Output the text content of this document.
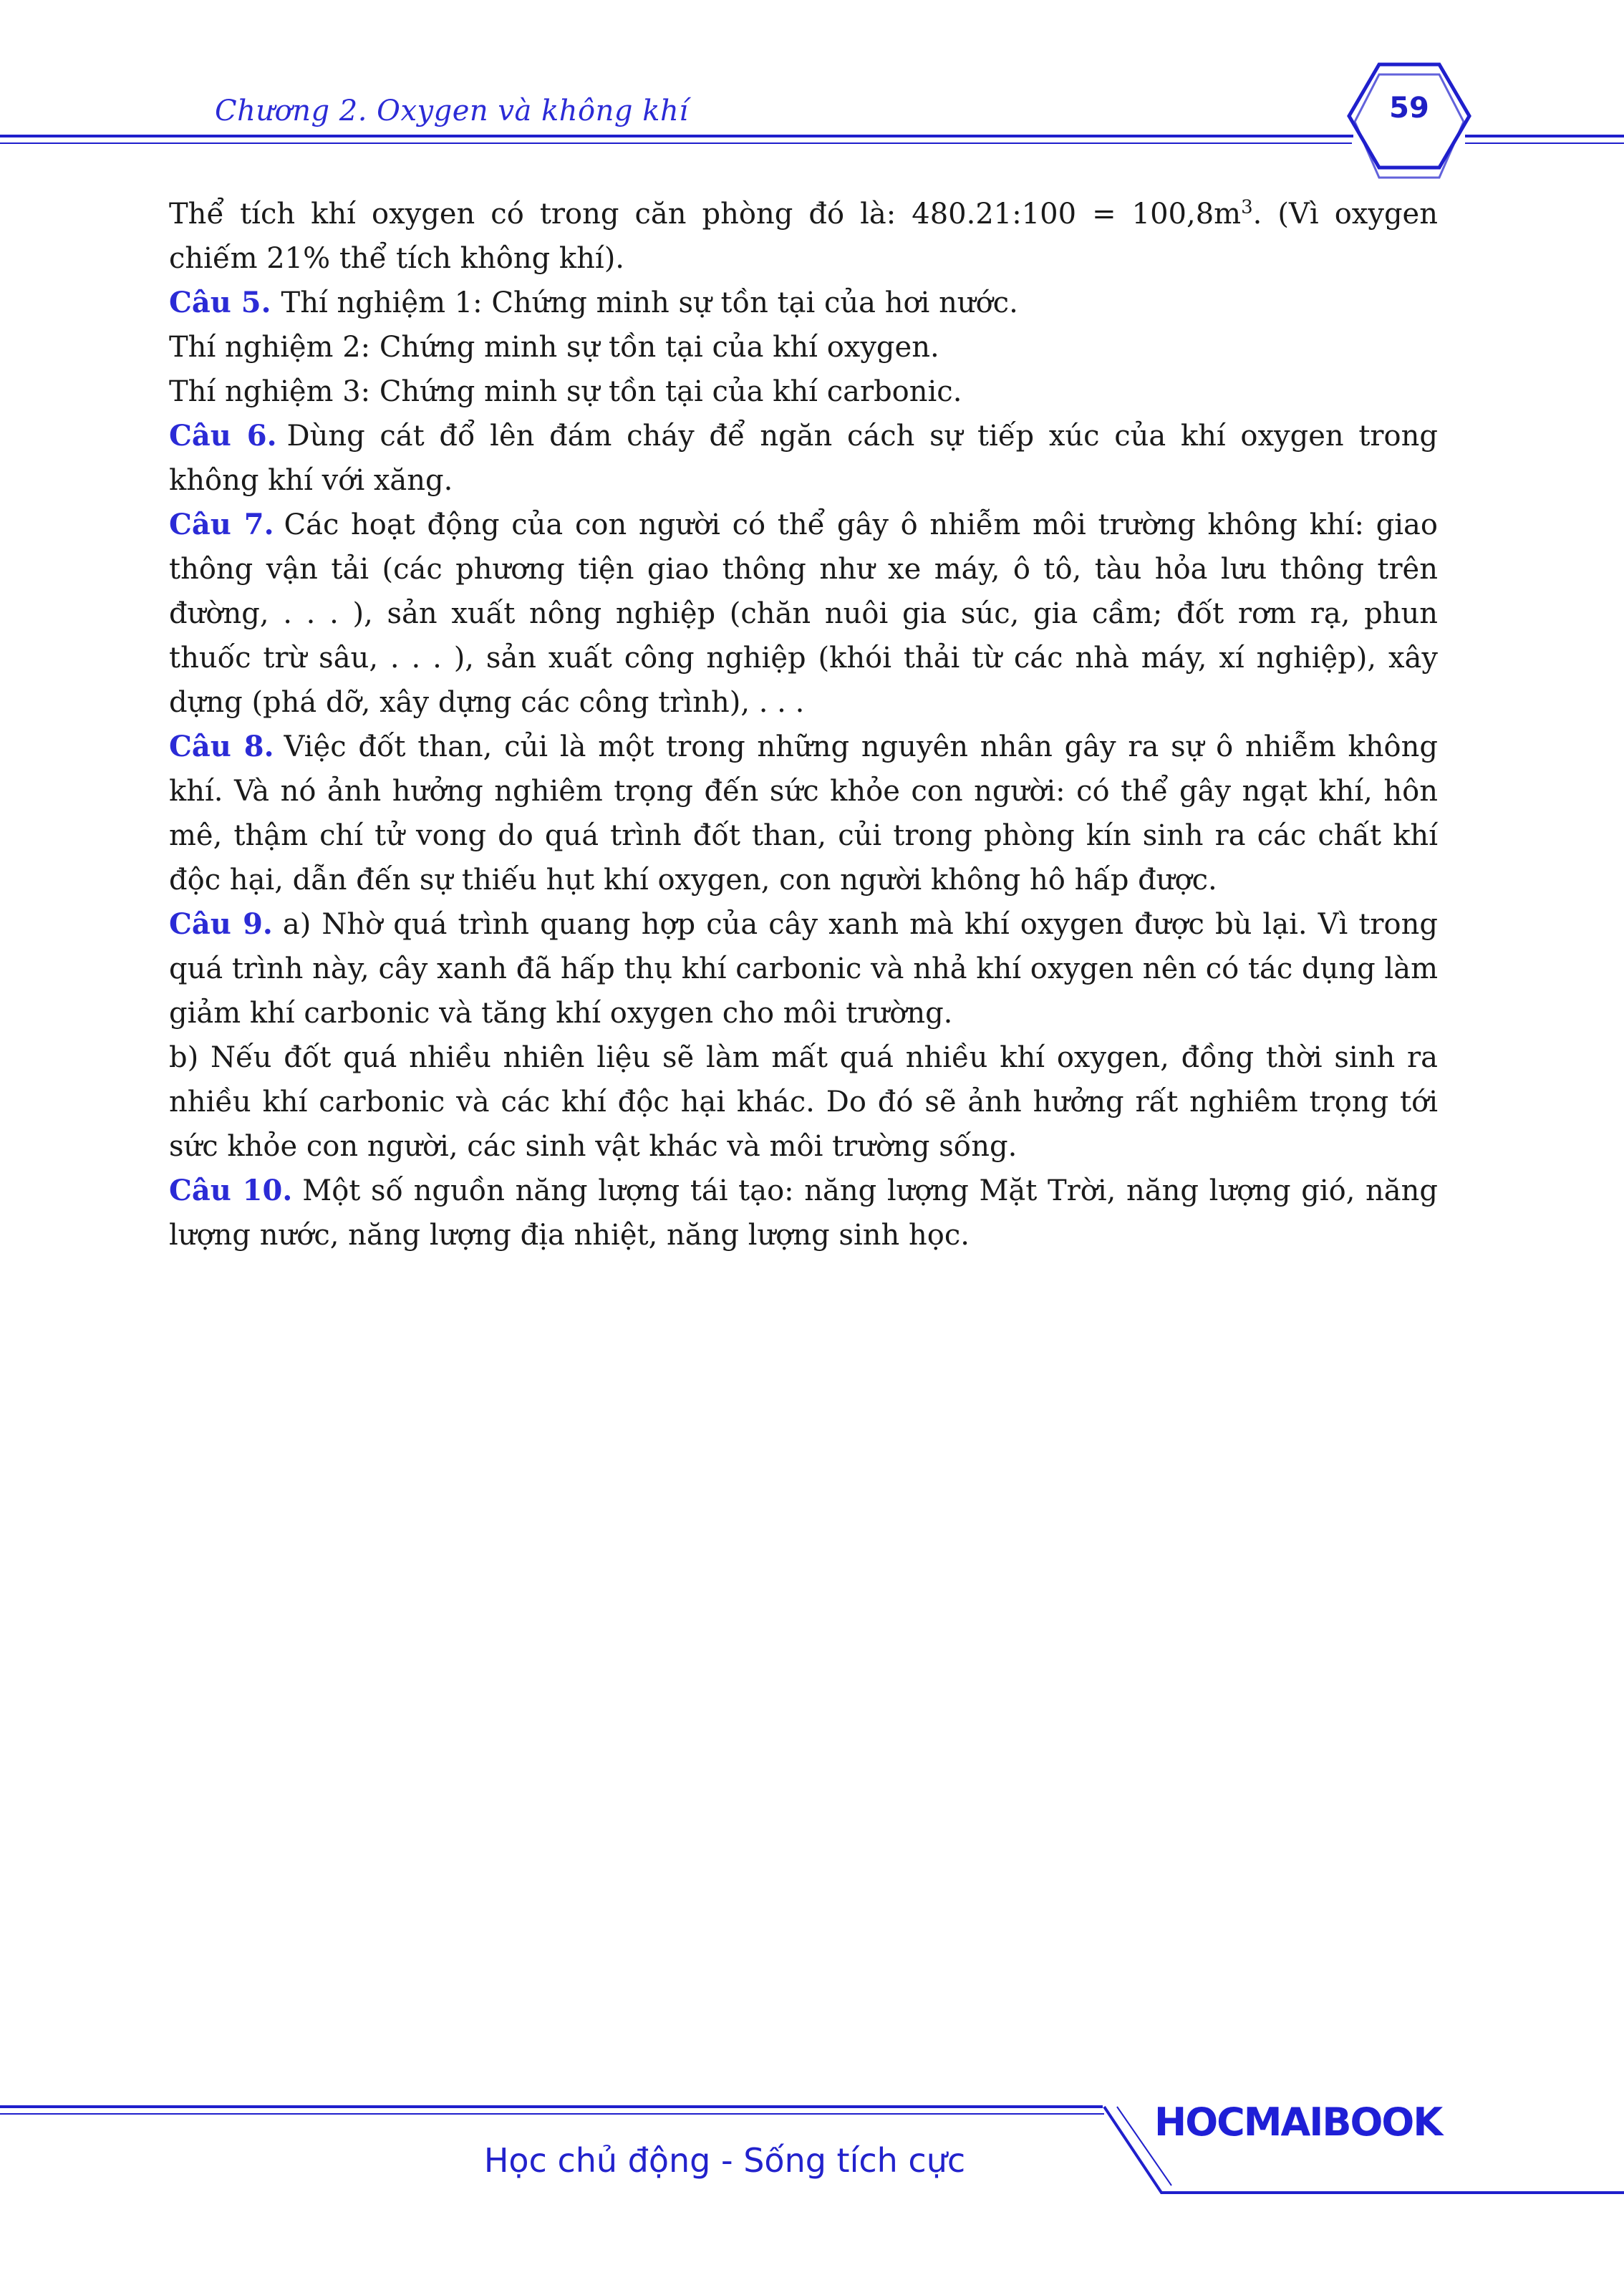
Chương 2. Oxygen và không khí	59

Thể tích khí oxygen có trong căn phòng đó là: 480.21:100 = $100,8m^3$. (Vì oxygen chiếm 21% thể tích không khí).

Câu 5. Thí nghiệm 1: Chứng minh sự tồn tại của hơi nước.

Thí nghiệm 2: Chứng minh sự tồn tại của khí oxygen.

Thí nghiệm 3: Chứng minh sự tồn tại của khí carbonic.

Câu 6. Dùng cát đổ lên đám cháy để ngăn cách sự tiếp xúc của khí oxygen trong không khí với xăng.

Câu 7. Các hoạt động của con người có thể gây ô nhiễm môi trường không khí: giao thông vận tải (các phương tiện giao thông như xe máy, ô tô, tàu hỏa lưu thông trên đường, . . . ), sản xuất nông nghiệp (chăn nuôi gia súc, gia cầm; đốt rơm rạ, phun thuốc trừ sâu, . . . ), sản xuất công nghiệp (khói thải từ các nhà máy, xí nghiệp), xây dựng (phá dỡ, xây dựng các công trình), . . .

Câu 8. Việc đốt than, củi là một trong những nguyên nhân gây ra sự ô nhiễm không khí. Và nó ảnh hưởng nghiêm trọng đến sức khỏe con người: có thể gây ngạt khí, hôn mê, thậm chí tử vong do quá trình đốt than, củi trong phòng kín sinh ra các chất khí độc hại, dẫn đến sự thiếu hụt khí oxygen, con người không hô hấp được.

Câu 9. a) Nhờ quá trình quang hợp của cây xanh mà khí oxygen được bù lại. Vì trong quá trình này, cây xanh đã hấp thụ khí carbonic và nhả khí oxygen nên có tác dụng làm giảm khí carbonic và tăng khí oxygen cho môi trường.

b) Nếu đốt quá nhiều nhiên liệu sẽ làm mất quá nhiều khí oxygen, đồng thời sinh ra nhiều khí carbonic và các khí độc hại khác. Do đó sẽ ảnh hưởng rất nghiêm trọng tới sức khỏe con người, các sinh vật khác và môi trường sống.

Câu 10. Một số nguồn năng lượng tái tạo: năng lượng Mặt Trời, năng lượng gió, năng lượng nước, năng lượng địa nhiệt, năng lượng sinh học.

HOCMAIBOOK
Học chủ động - Sống tích cực
